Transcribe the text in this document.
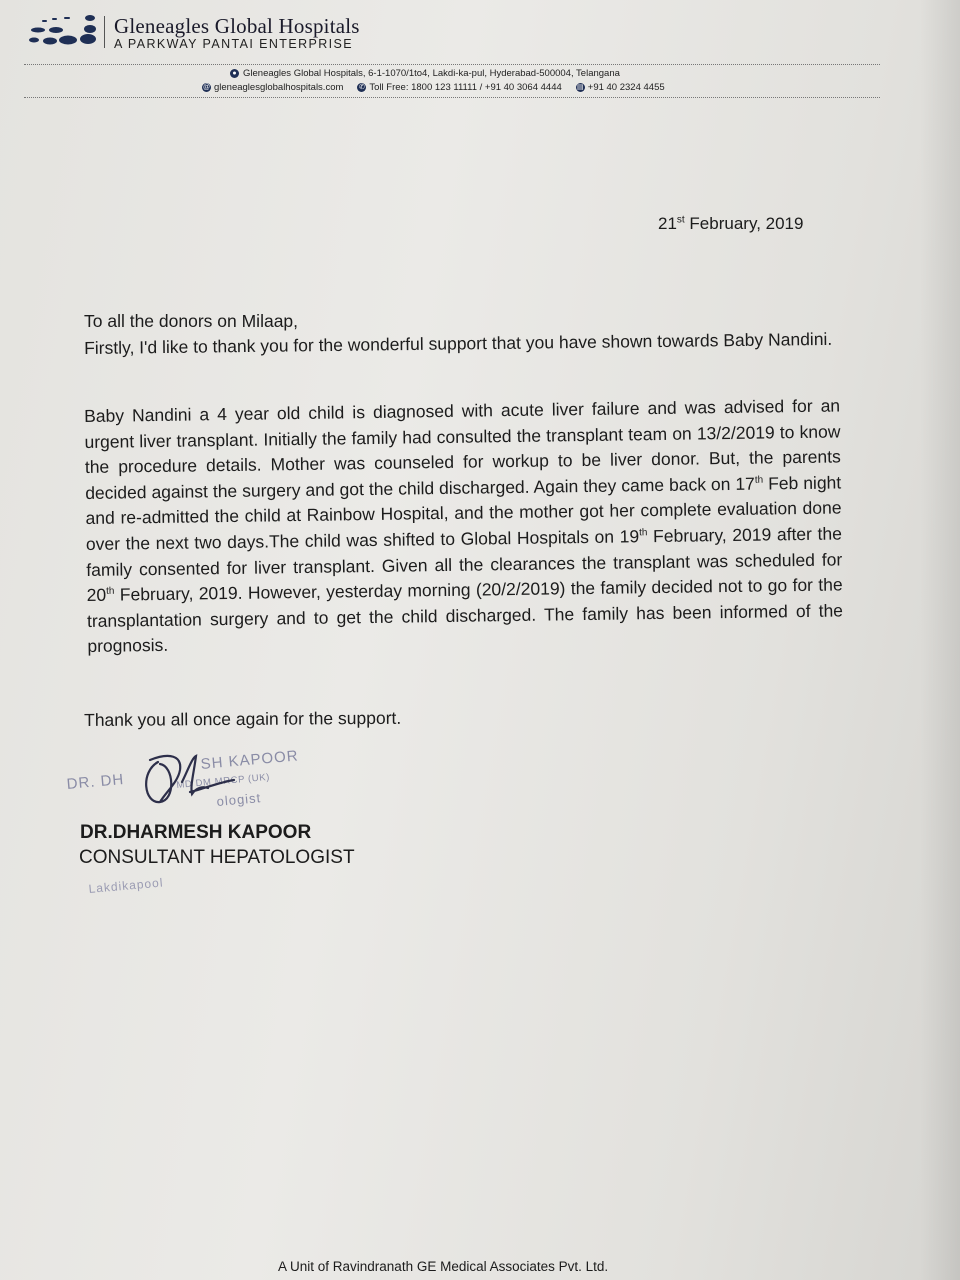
Gleneagles Global Hospitals
A PARKWAY PANTAI ENTERPRISE
● Gleneagles Global Hospitals, 6-1-1070/1to4, Lakdi-ka-pul, Hyderabad-500004, Telangana
@ gleneaglesglobalhospitals.com ✆ Toll Free: 1800 123 11111 / +91 40 3064 4444 ▤ +91 40 2324 4455
21st February, 2019
To all the donors on Milaap,
Firstly, I'd like to thank you for the wonderful support that you have shown towards Baby Nandini.
Baby Nandini a 4 year old child is diagnosed with acute liver failure and was advised for an urgent liver transplant. Initially the family had consulted the transplant team on 13/2/2019 to know the procedure details. Mother was counseled for workup to be liver donor. But, the parents decided against the surgery and got the child discharged. Again they came back on 17th Feb night and re-admitted the child at Rainbow Hospital, and the mother got her complete evaluation done over the next two days.The child was shifted to Global Hospitals on 19th February, 2019 after the family consented for liver transplant. Given all the clearances the transplant was scheduled for 20th February, 2019. However, yesterday morning (20/2/2019) the family decided not to go for the transplantation surgery and to get the child discharged. The family has been informed of the prognosis.
Thank you all once again for the support.
DR. DH
SH KAPOOR
MD DM MRCP (UK)
ologist
Lakdikapool
DR.DHARMESH KAPOOR
CONSULTANT HEPATOLOGIST
A Unit of Ravindranath GE Medical Associates Pvt. Ltd.
